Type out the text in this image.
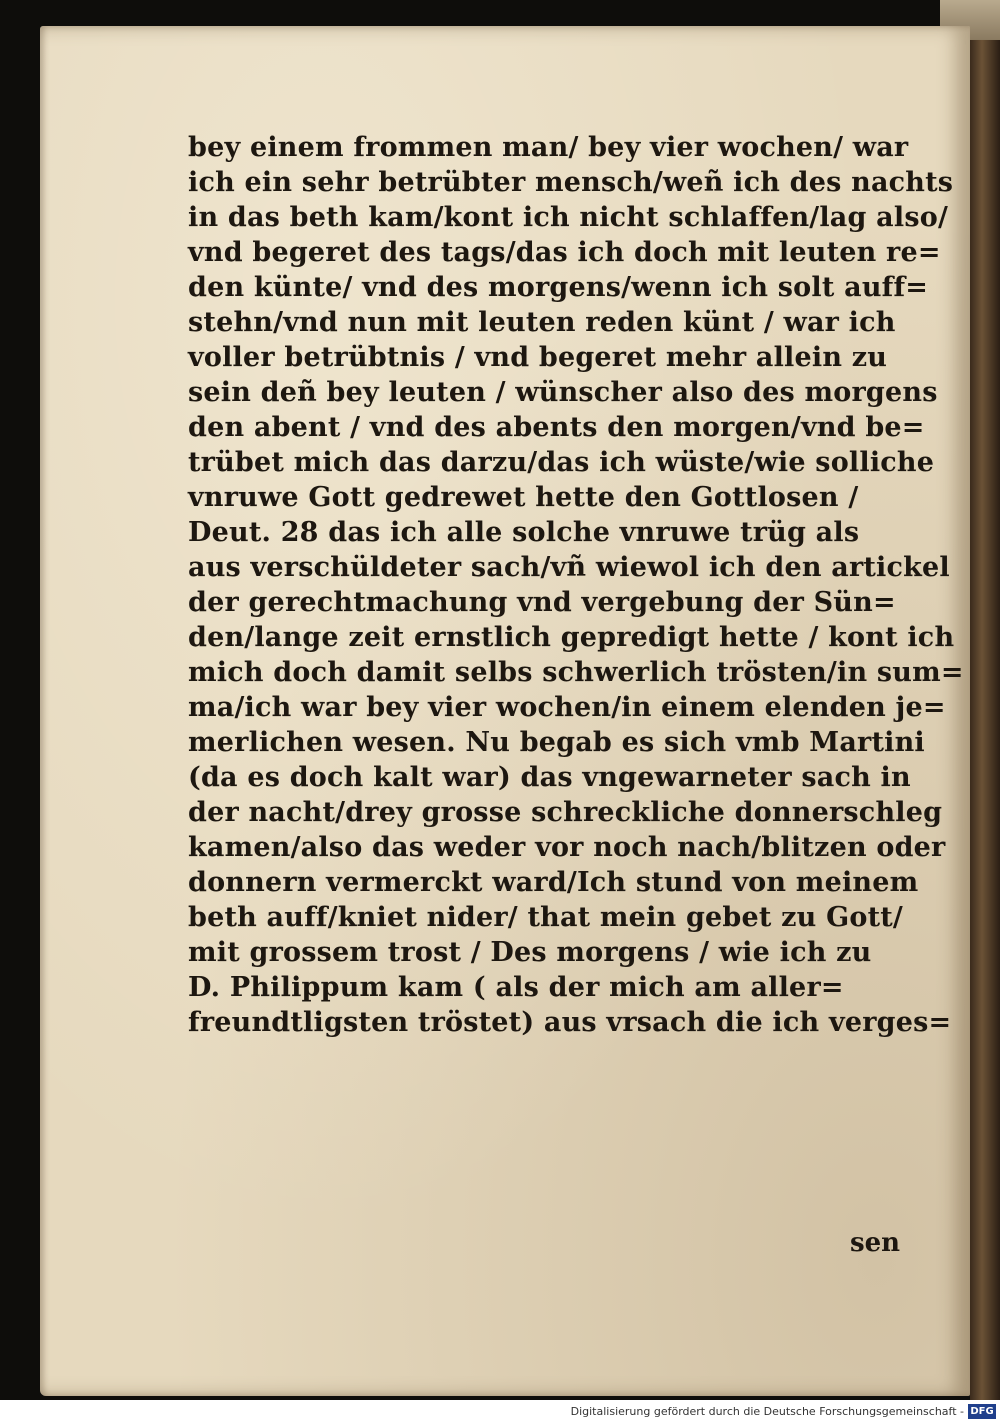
bey einem frommen man/ bey vier wochen/ war
ich ein sehr betrübter mensch/weñ ich des nachts
in das beth kam/kont ich nicht schlaffen/lag also/
vnd begeret des tags/das ich doch mit leuten re=
den künte/ vnd des morgens/wenn ich solt auff=
stehn/vnd nun mit leuten reden künt / war ich
voller betrübtnis / vnd begeret mehr allein zu
sein deñ bey leuten / wünscher also des morgens
den abent / vnd des abents den morgen/vnd be=
trübet mich das darzu/das ich wüste/wie solliche
vnruwe Gott gedrewet hette den Gottlosen /
Deut. 28 das ich alle solche vnruwe trüg als
aus verschüldeter sach/vñ wiewol ich den artickel
der gerechtmachung vnd vergebung der Sün=
den/lange zeit ernstlich gepredigt hette / kont ich
mich doch damit selbs schwerlich trösten/in sum=
ma/ich war bey vier wochen/in einem elenden je=
merlichen wesen. Nu begab es sich vmb Martini
(da es doch kalt war) das vngewarneter sach in
der nacht/drey grosse schreckliche donnerschleg
kamen/also das weder vor noch nach/blitzen oder
donnern vermerckt ward/Ich stund von meinem
beth auff/kniet nider/ that mein gebet zu Gott/
mit grossem trost / Des morgens / wie ich zu
D. Philippum kam ( als der mich am aller=
freundtligsten tröstet) aus vrsach die ich verges=
sen
Digitalisierung gefördert durch die Deutsche Forschungsgemeinschaft - DFG
